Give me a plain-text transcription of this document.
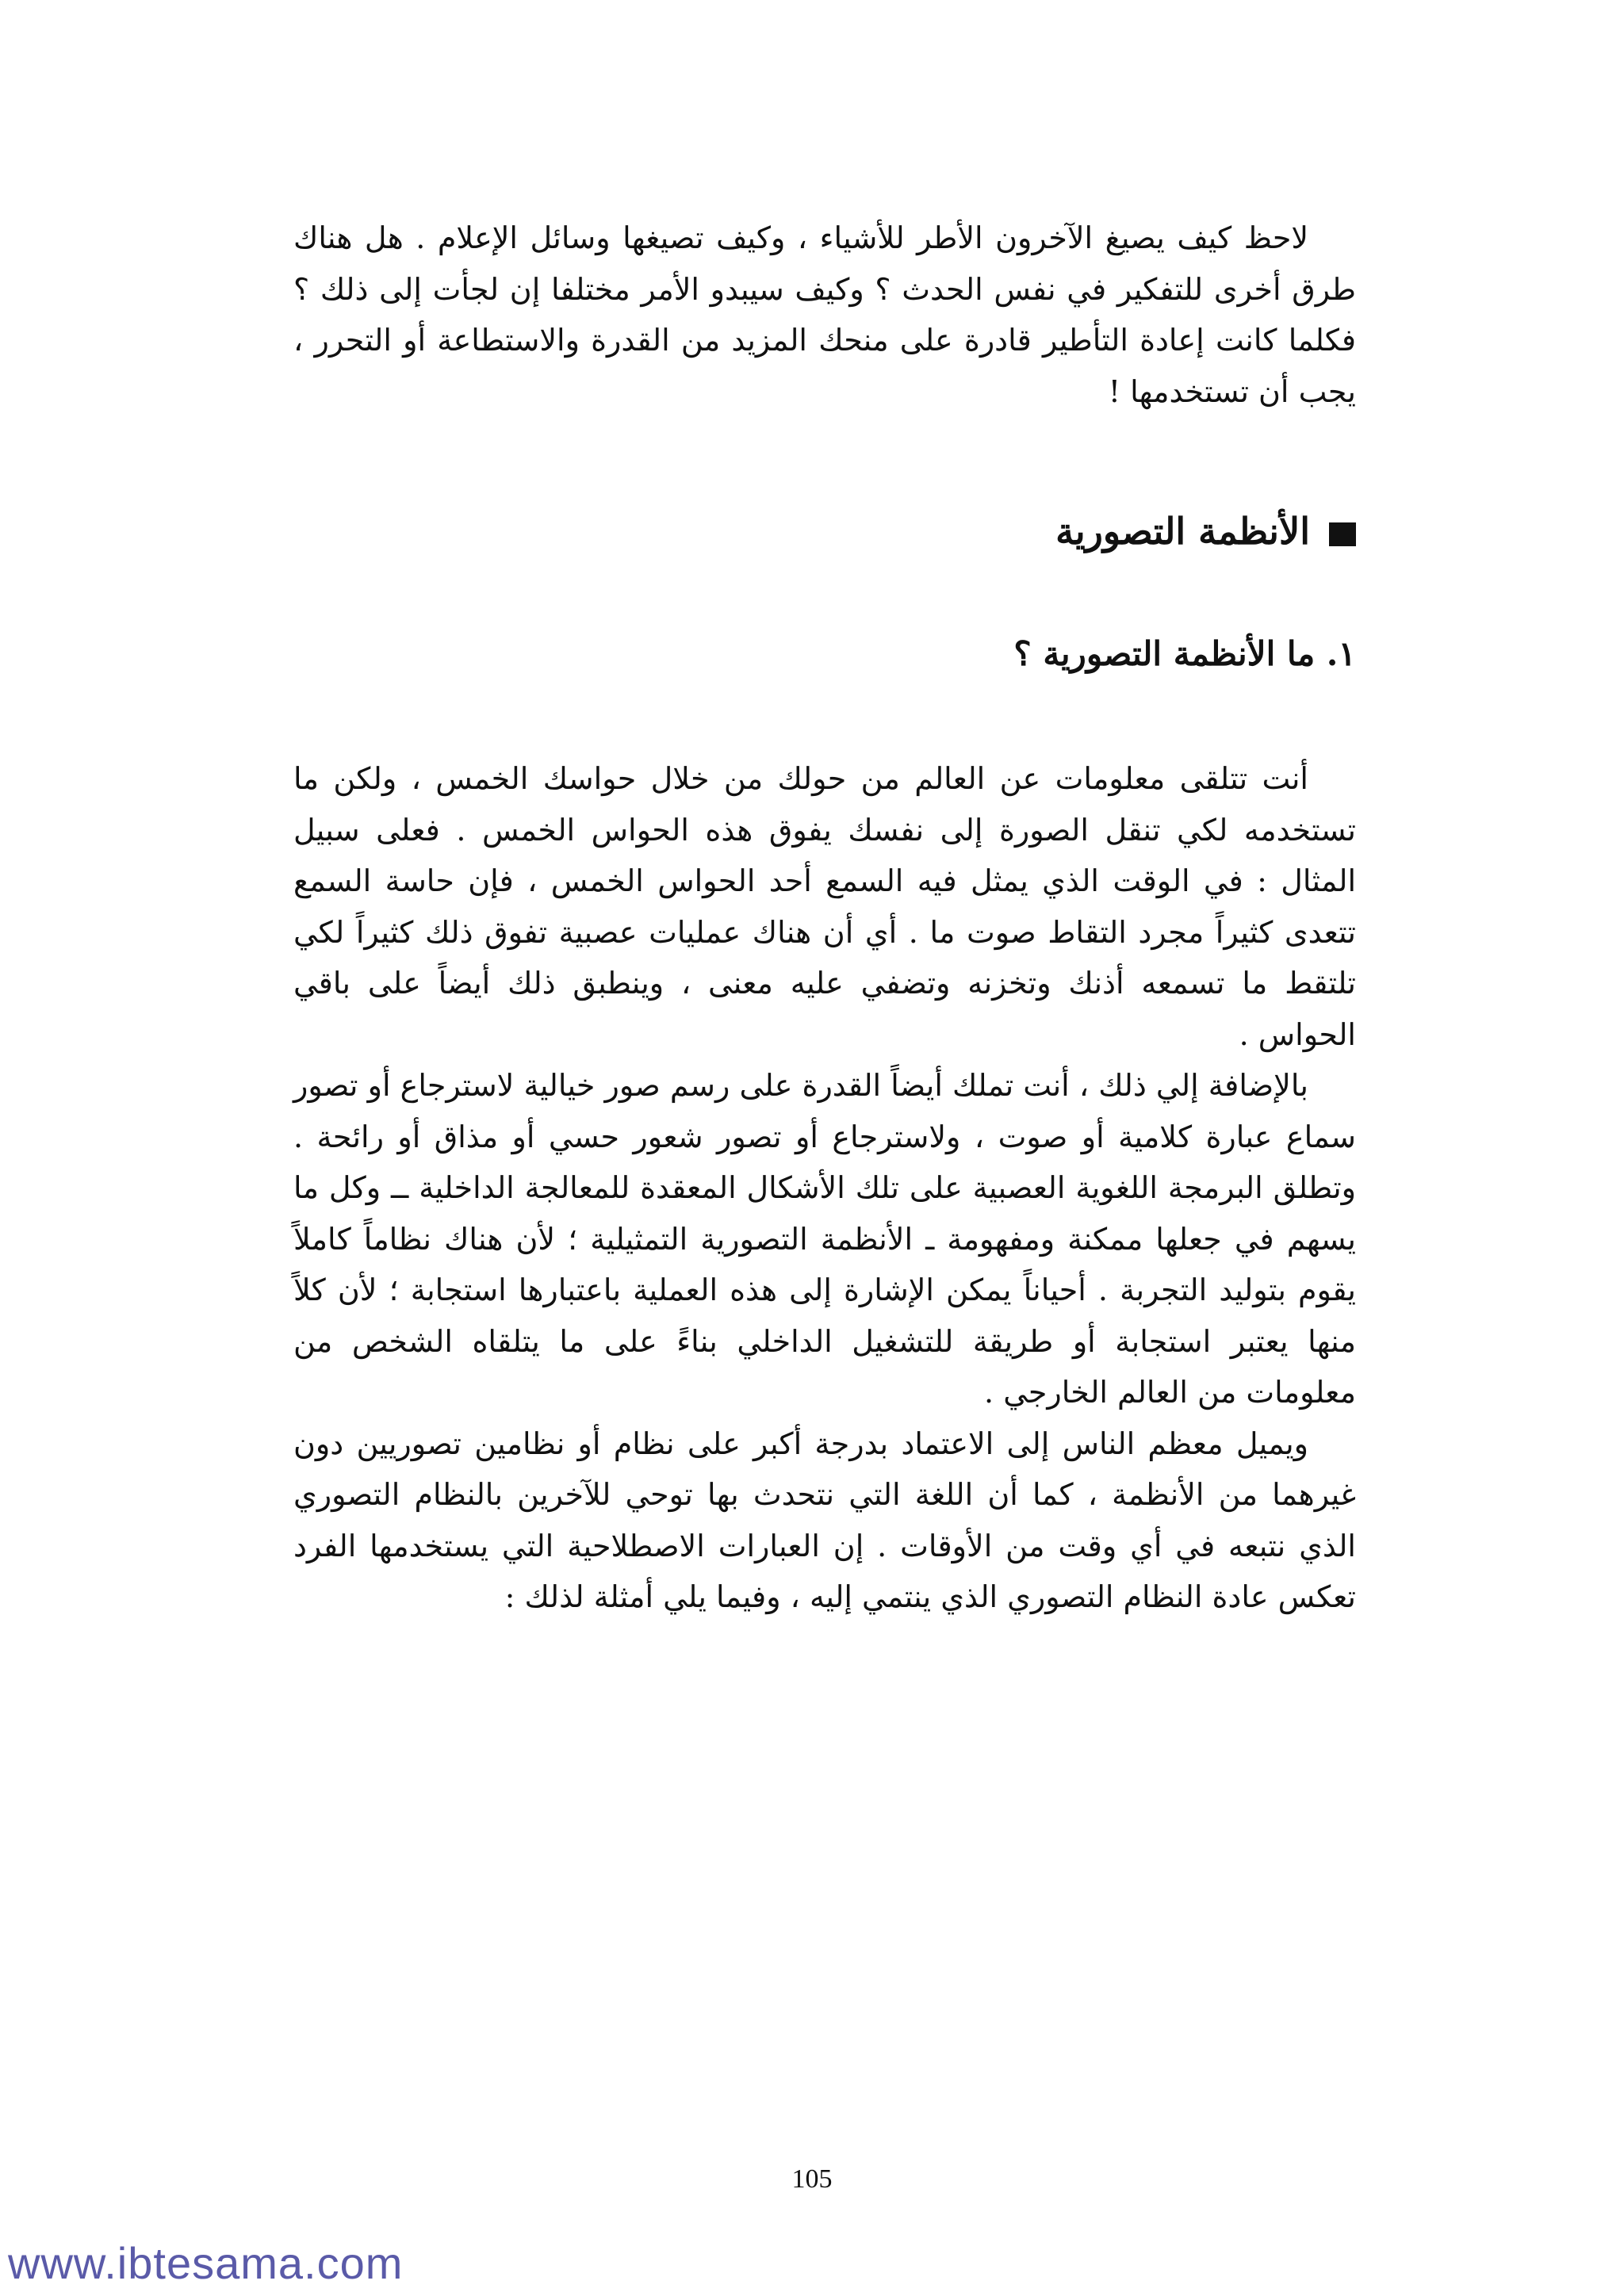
لاحظ كيف يصيغ الآخرون الأطر للأشياء ، وكيف تصيغها وسائل الإعلام . هل هناك طرق أخرى للتفكير في نفس الحدث ؟ وكيف سيبدو الأمر مختلفا إن لجأت إلى ذلك ؟ فكلما كانت إعادة التأطير قادرة على منحك المزيد من القدرة والاستطاعة أو التحرر ، يجب أن تستخدمها !

الأنظمة التصورية
١. ما الأنظمة التصورية ؟

أنت تتلقى معلومات عن العالم من حولك من خلال حواسك الخمس ، ولكن ما تستخدمه لكي تنقل الصورة إلى نفسك يفوق هذه الحواس الخمس . فعلى سبيل المثال : في الوقت الذي يمثل فيه السمع أحد الحواس الخمس ، فإن حاسة السمع تتعدى كثيراً مجرد التقاط صوت ما . أي أن هناك عمليات عصبية تفوق ذلك كثيراً لكي تلتقط ما تسمعه أذنك وتخزنه وتضفي عليه معنى ، وينطبق ذلك أيضاً على باقي الحواس .

بالإضافة إلي ذلك ، أنت تملك أيضاً القدرة على رسم صور خيالية لاسترجاع أو تصور سماع عبارة كلامية أو صوت ، ولاسترجاع أو تصور شعور حسي أو مذاق أو رائحة . وتطلق البرمجة اللغوية العصبية على تلك الأشكال المعقدة للمعالجة الداخلية ــ وكل ما يسهم في جعلها ممكنة ومفهومة ـ الأنظمة التصورية التمثيلية ؛ لأن هناك نظاماً كاملاً يقوم بتوليد التجربة . أحياناً يمكن الإشارة إلى هذه العملية باعتبارها استجابة ؛ لأن كلاً منها يعتبر استجابة أو طريقة للتشغيل الداخلي بناءً على ما يتلقاه الشخص من معلومات من العالم الخارجي .

ويميل معظم الناس إلى الاعتماد بدرجة أكبر على نظام أو نظامين تصوريين دون غيرهما من الأنظمة ، كما أن اللغة التي نتحدث بها توحي للآخرين بالنظام التصوري الذي نتبعه في أي وقت من الأوقات . إن العبارات الاصطلاحية التي يستخدمها الفرد تعكس عادة النظام التصوري الذي ينتمي إليه ، وفيما يلي أمثلة لذلك :

105
www.ibtesama.com
